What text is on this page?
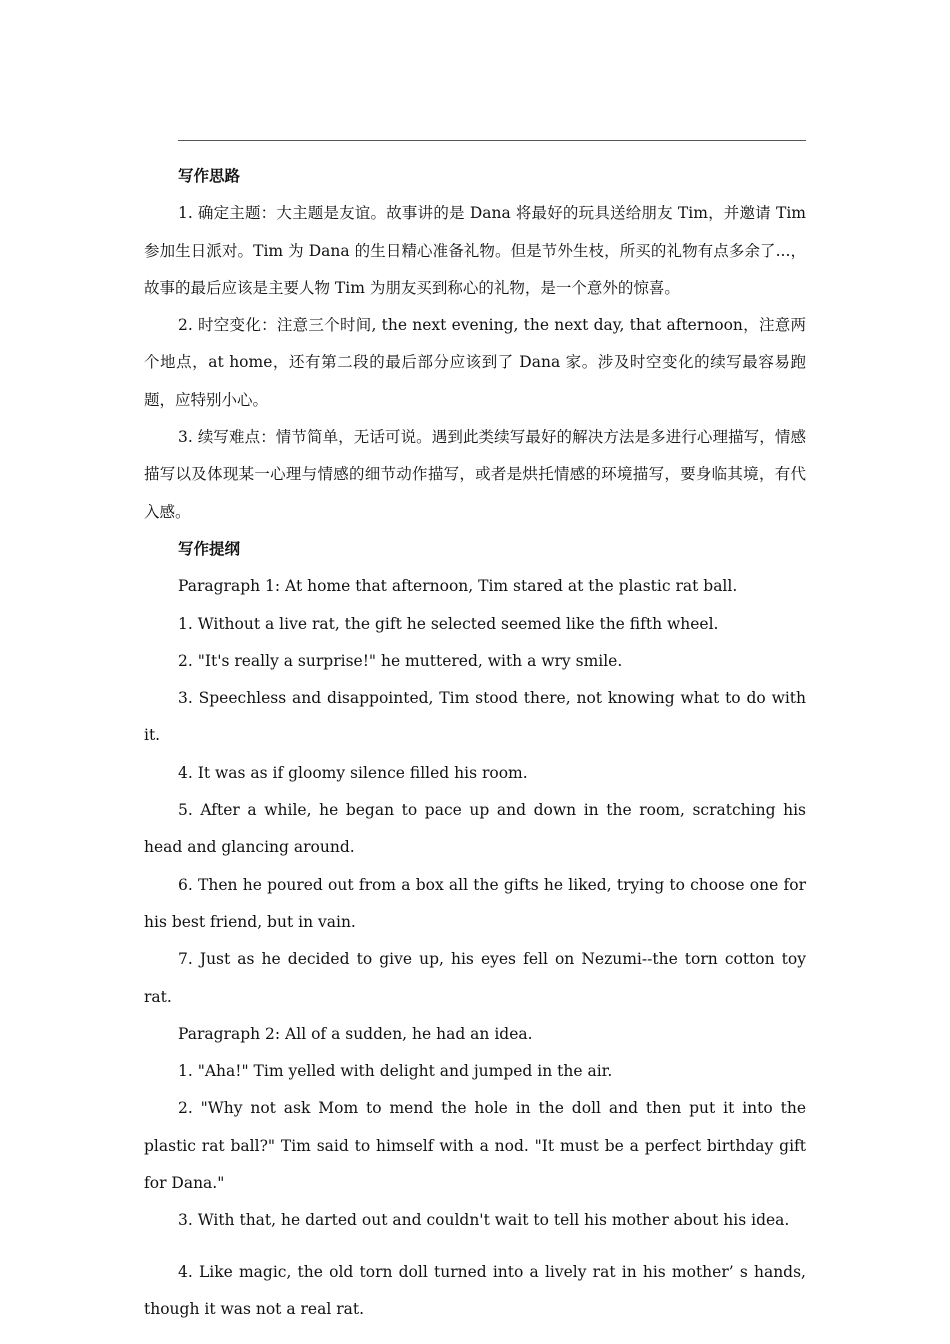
写作思路

1. 确定主题：大主题是友谊。故事讲的是 Dana 将最好的玩具送给朋友 Tim，并邀请 Tim 参加生日派对。Tim 为 Dana 的生日精心准备礼物。但是节外生枝，所买的礼物有点多余了...，故事的最后应该是主要人物 Tim 为朋友买到称心的礼物，是一个意外的惊喜。

2. 时空变化：注意三个时间, the next evening, the next day, that afternoon，注意两个地点，at home，还有第二段的最后部分应该到了 Dana 家。涉及时空变化的续写最容易跑题，应特别小心。

3. 续写难点：情节简单，无话可说。遇到此类续写最好的解决方法是多进行心理描写，情感描写以及体现某一心理与情感的细节动作描写，或者是烘托情感的环境描写，要身临其境，有代入感。

写作提纲

Paragraph 1: At home that afternoon, Tim stared at the plastic rat ball.

1. Without a live rat, the gift he selected seemed like the fifth wheel.

2. "It's really a surprise!" he muttered, with a wry smile.

3. Speechless and disappointed, Tim stood there, not knowing what to do with it.

4. It was as if gloomy silence filled his room.

5. After a while, he began to pace up and down in the room, scratching his head and glancing around.

6. Then he poured out from a box all the gifts he liked, trying to choose one for his best friend, but in vain.

7. Just as he decided to give up, his eyes fell on Nezumi--the torn cotton toy rat.

Paragraph 2: All of a sudden, he had an idea.

1. "Aha!" Tim yelled with delight and jumped in the air.

2. "Why not ask Mom to mend the hole in the doll and then put it into the plastic rat ball?" Tim said to himself with a nod. "It must be a perfect birthday gift for Dana."

3. With that, he darted out and couldn't wait to tell his mother about his idea.

4. Like magic, the old torn doll turned into a lively rat in his mother’ s hands, though it was not a real rat.
